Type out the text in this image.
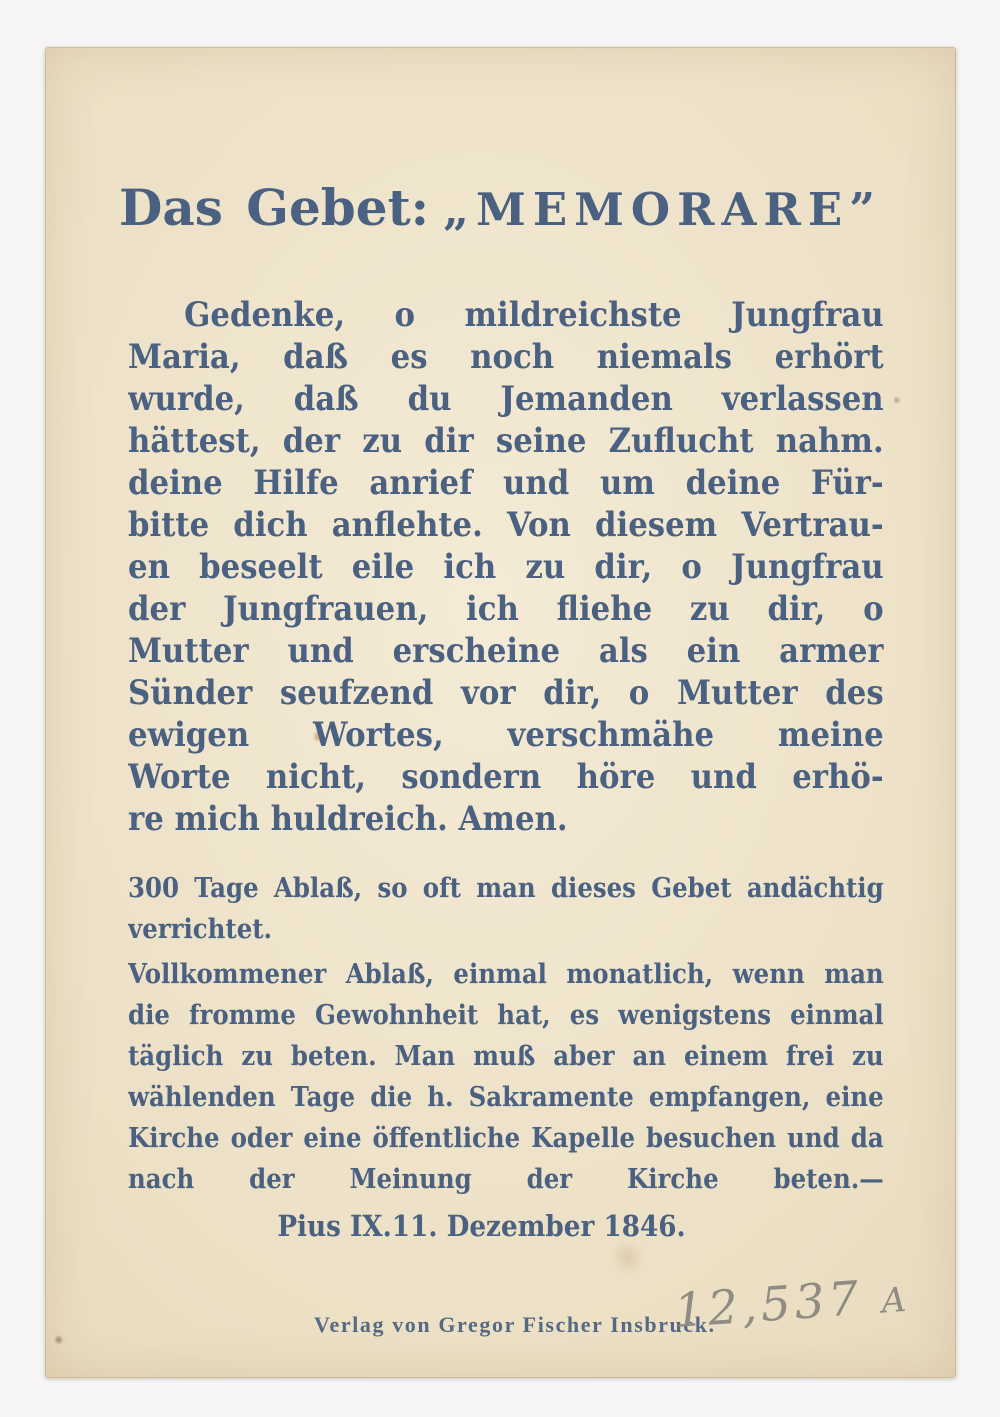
Das Gebet: „MEMORARE”
Gedenke, o mildreichste Jungfrau
Maria, daß es noch niemals erhört
wurde, daß du Jemanden verlassen
hättest, der zu dir seine Zuflucht nahm.
deine Hilfe anrief und um deine Für-
bitte dich anflehte. Von diesem Vertrau-
en beseelt eile ich zu dir, o Jungfrau
der Jungfrauen, ich fliehe zu dir, o
Mutter und erscheine als ein armer
Sünder seufzend vor dir, o Mutter des
ewigen Wortes, verschmähe meine
Worte nicht, sondern höre und erhö-
re mich huldreich. Amen.
300 Tage Ablaß, so oft man dieses Gebet andächtig
verrichtet.
Vollkommener Ablaß, einmal monatlich, wenn man
die fromme Gewohnheit hat, es wenigstens einmal
täglich zu beten. Man muß aber an einem frei zu
wählenden Tage die h. Sakramente empfangen, eine
Kirche oder eine öffentliche Kapelle besuchen und da
nach der Meinung der Kirche beten.—
Pius IX.11. Dezember 1846.
Verlag von Gregor Fischer Insbruck.
12,537 A
